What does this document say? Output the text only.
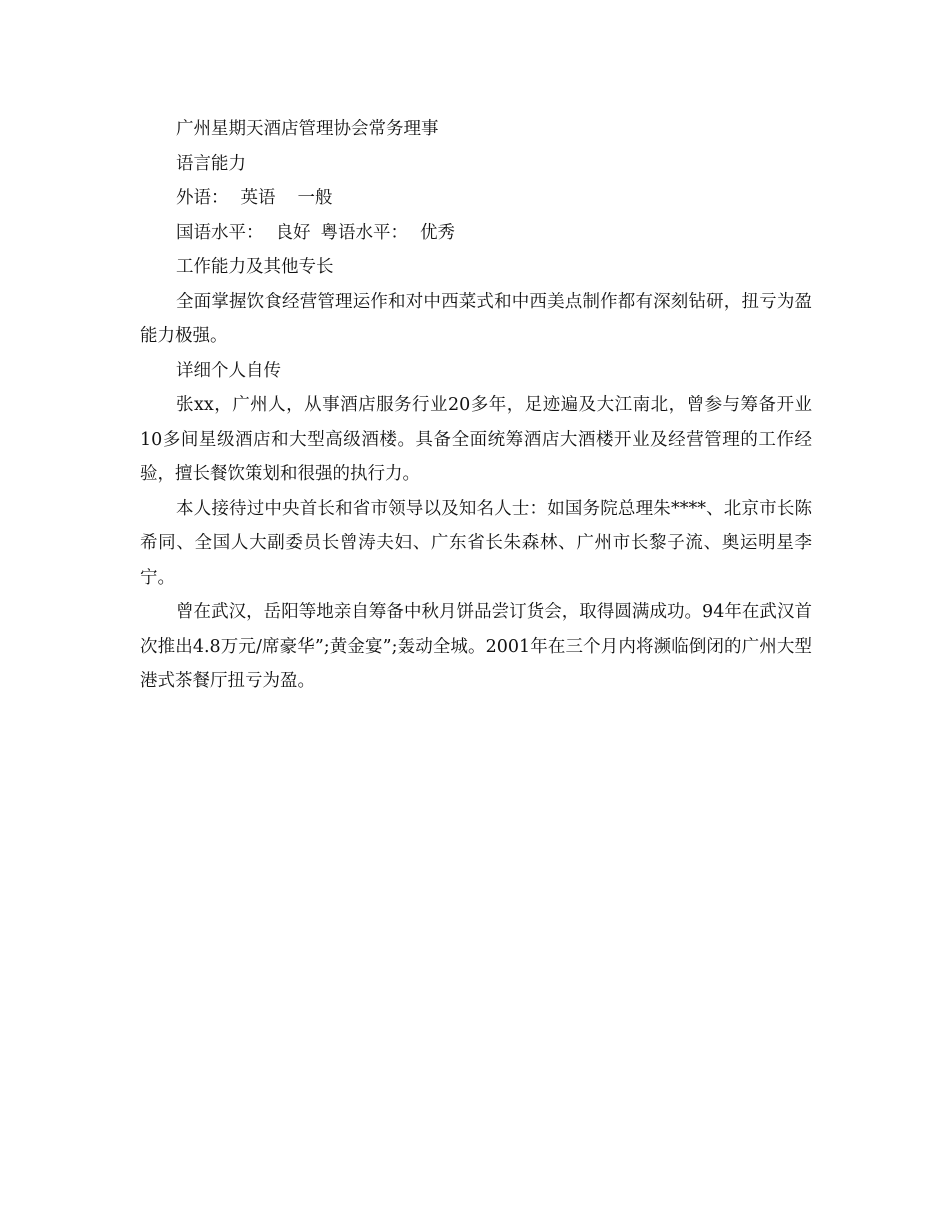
广州星期天酒店管理协会常务理事

语言能力

外语： 英语 一般

国语水平： 良好 粤语水平： 优秀

工作能力及其他专长

全面掌握饮食经营管理运作和对中西菜式和中西美点制作都有深刻钻研，扭亏为盈能力极强。

详细个人自传

张xx，广州人，从事酒店服务行业20多年，足迹遍及大江南北，曾参与筹备开业10多间星级酒店和大型高级酒楼。具备全面统筹酒店大酒楼开业及经营管理的工作经验，擅长餐饮策划和很强的执行力。

本人接待过中央首长和省市领导以及知名人士：如国务院总理朱****、北京市长陈希同、全国人大副委员长曾涛夫妇、广东省长朱森林、广州市长黎子流、奥运明星李宁。

曾在武汉，岳阳等地亲自筹备中秋月饼品尝订货会，取得圆满成功。94年在武汉首次推出4.8万元/席豪华”;黄金宴”;轰动全城。2001年在三个月内将濒临倒闭的广州大型港式茶餐厅扭亏为盈。
